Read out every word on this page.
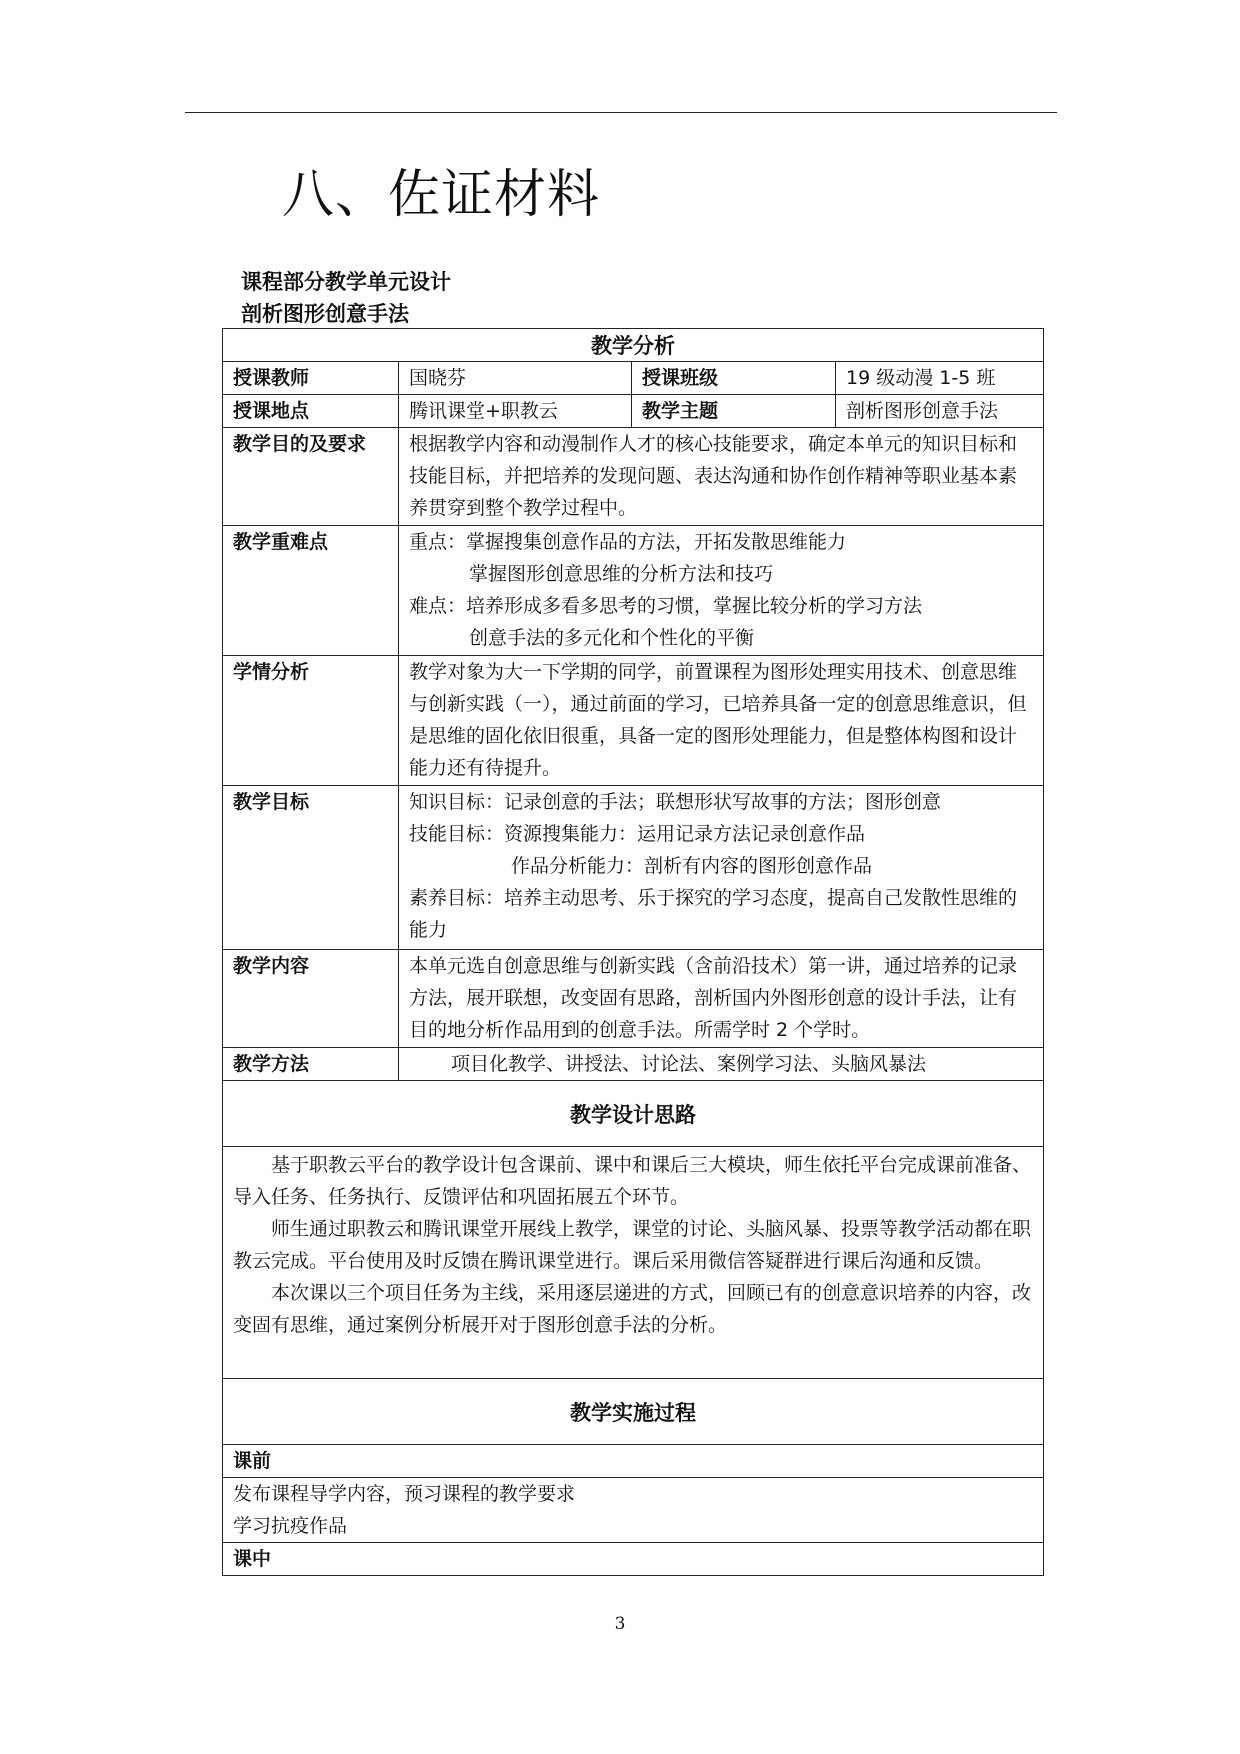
八、佐证材料
课程部分教学单元设计
剖析图形创意手法
教学分析			
授课教师	国晓芬	授课班级	19 级动漫 1-5 班
授课地点	腾讯课堂+职教云	教学主题	剖析图形创意手法
教学目的及要求	根据教学内容和动漫制作人才的核心技能要求，确定本单元的知识目标和技能目标，并把培养的发现问题、表达沟通和协作创作精神等职业基本素养贯穿到整个教学过程中。		
教学重难点	重点：掌握搜集创意作品的方法，开拓发散思维能力
掌握图形创意思维的分析方法和技巧
难点：培养形成多看多思考的习惯，掌握比较分析的学习方法
创意手法的多元化和个性化的平衡		

学情分析	教学对象为大一下学期的同学，前置课程为图形处理实用技术、创意思维与创新实践（一），通过前面的学习，已培养具备一定的创意思维意识，但是思维的固化依旧很重，具备一定的图形处理能力，但是整体构图和设计能力还有待提升。		
教学目标	知识目标：记录创意的手法；联想形状写故事的方法；图形创意
技能目标：资源搜集能力：运用记录方法记录创意作品
作品分析能力：剖析有内容的图形创意作品
素养目标：培养主动思考、乐于探究的学习态度，提高自己发散性思维的能力		

教学内容	本单元选自创意思维与创新实践（含前沿技术）第一讲，通过培养的记录方法，展开联想，改变固有思路，剖析国内外图形创意的设计手法，让有目的地分析作品用到的创意手法。所需学时 2 个学时。		
教学方法	项目化教学、讲授法、讨论法、案例学习法、头脑风暴法		
教学设计思路			

基于职教云平台的教学设计包含课前、课中和课后三大模块，师生依托平台完成课前准备、导入任务、任务执行、反馈评估和巩固拓展五个环节。

师生通过职教云和腾讯课堂开展线上教学，课堂的讨论、头脑风暴、投票等教学活动都在职教云完成。平台使用及时反馈在腾讯课堂进行。课后采用微信答疑群进行课后沟通和反馈。

本次课以三个项目任务为主线，采用逐层递进的方式，回顾已有的创意意识培养的内容，改变固有思维，通过案例分析展开对于图形创意手法的分析。			

教学实施过程			
课前			

发布课程导学内容，预习课程的教学要求
学习抗疫作品			

课中			
3
